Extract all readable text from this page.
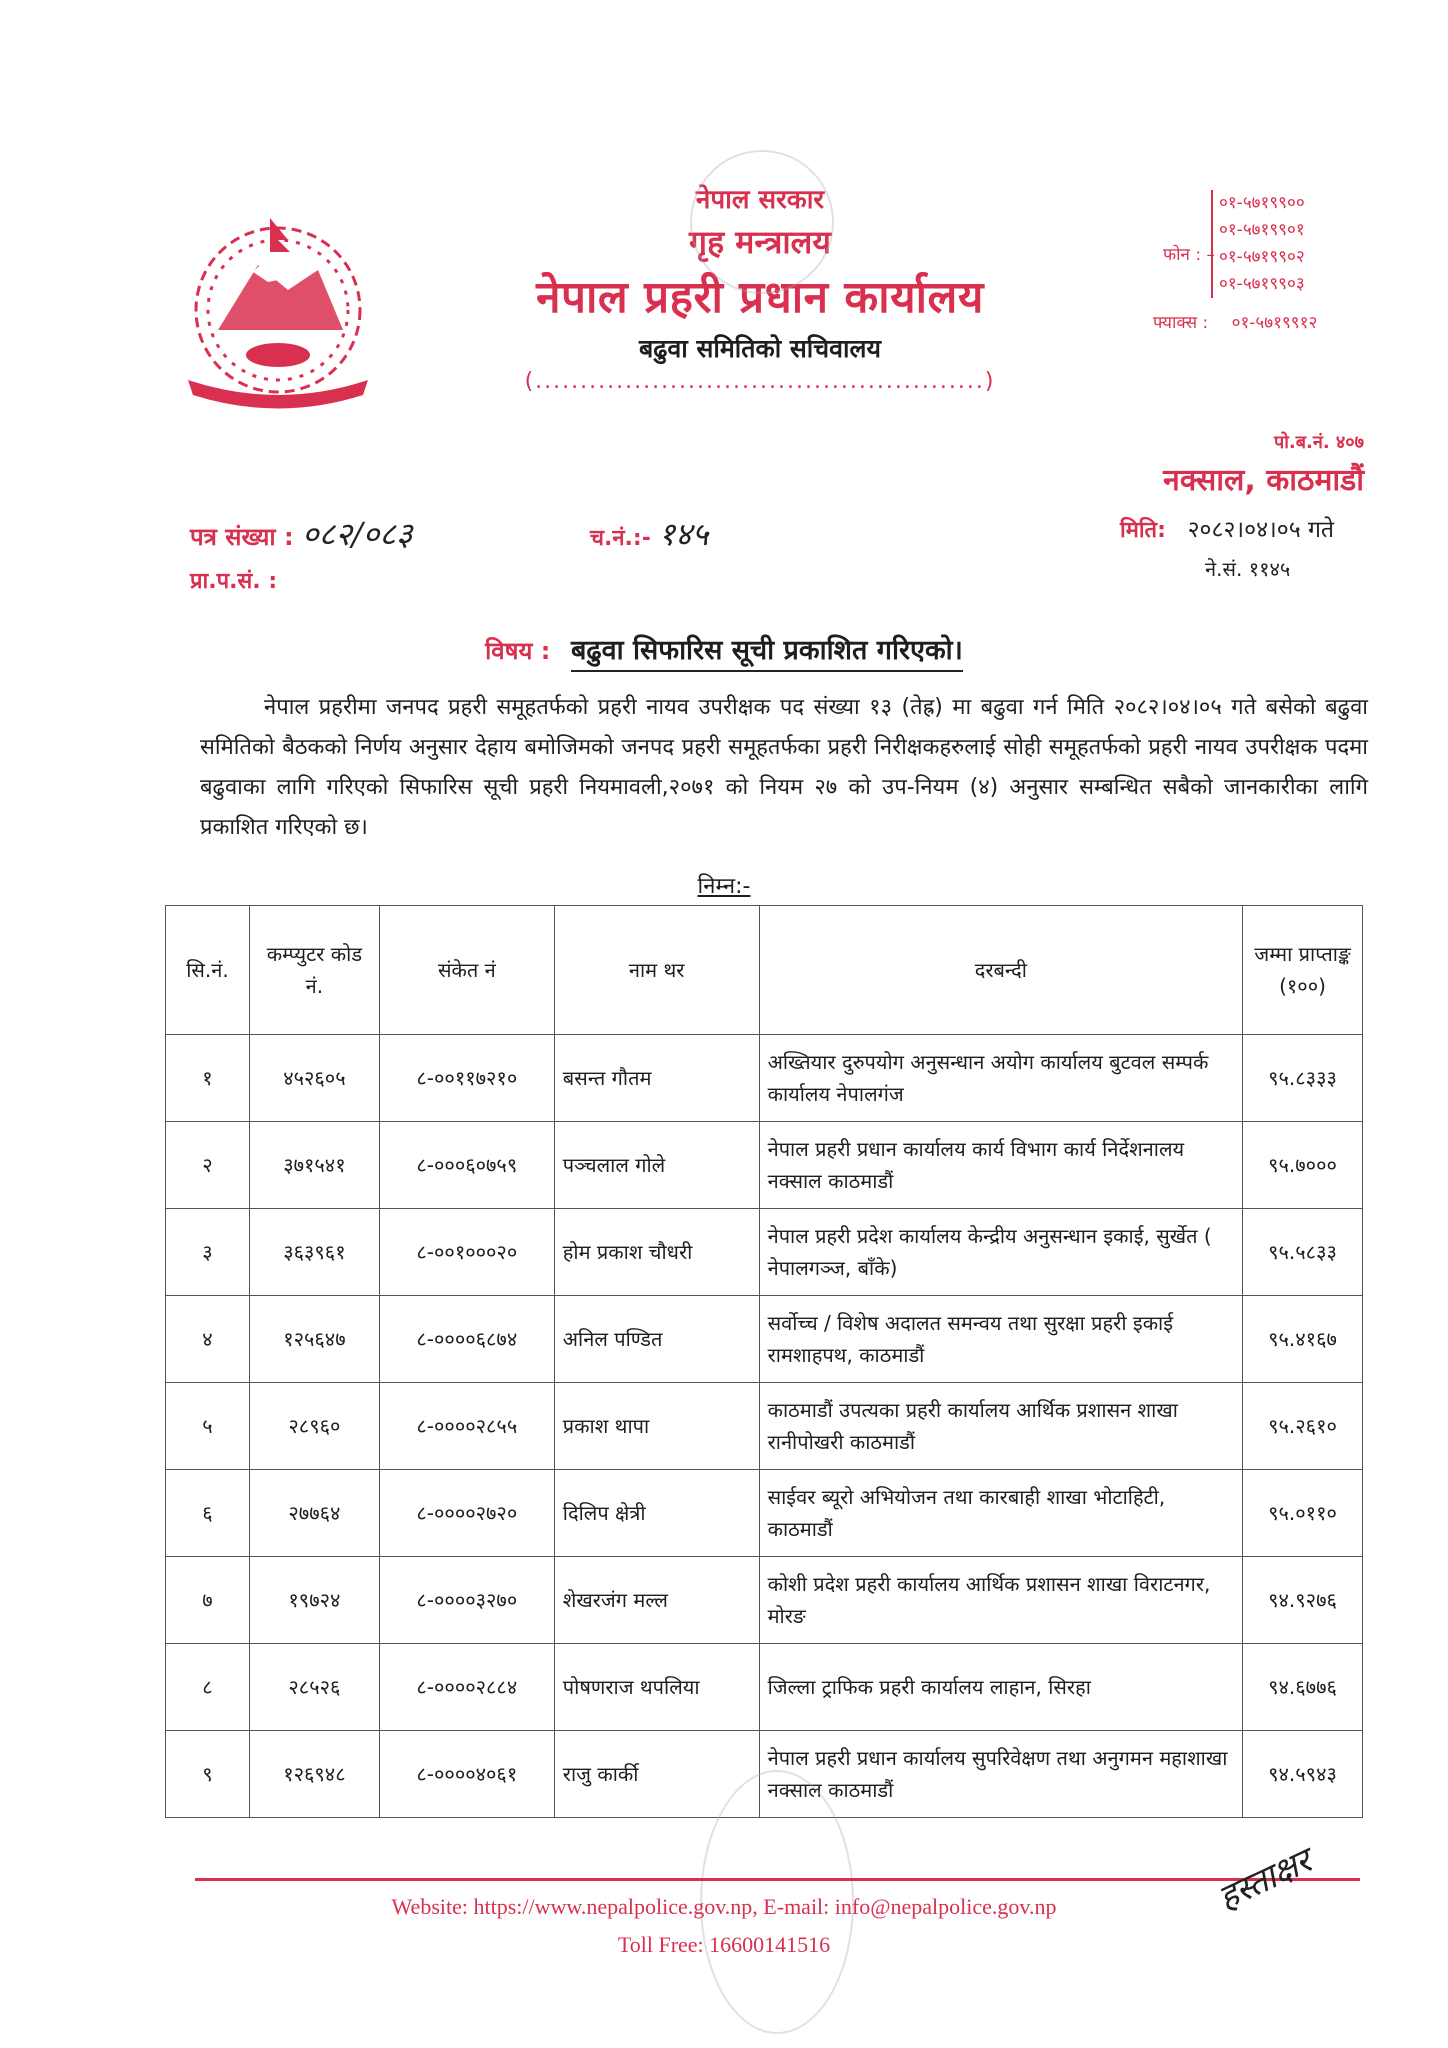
नेपाल सरकार
गृह मन्त्रालय
नेपाल प्रहरी प्रधान कार्यालय
बढुवा समितिको सचिवालय
(..................................................)
फोन : –
०१-५७१९९००
०१-५७१९९०१
०१-५७१९९०२
०१-५७१९९०३
फ्याक्स : ०१-५७१९९१२
पो.ब.नं. ४०७
नक्साल, काठमाडौं
पत्र संख्या : ०८२/०८३	च.नं.:- १४५	मिति: २०८२।०४।०५ गते
ने.सं. ११४५
प्रा.प.सं. :
विषय : बढुवा सिफारिस सूची प्रकाशित गरिएको।
नेपाल प्रहरीमा जनपद प्रहरी समूहतर्फको प्रहरी नायव उपरीक्षक पद संख्या १३ (तेह्र) मा बढुवा गर्न मिति २०८२।०४।०५ गते बसेको बढुवा समितिको बैठकको निर्णय अनुसार देहाय बमोजिमको जनपद प्रहरी समूहतर्फका प्रहरी निरीक्षकहरुलाई सोही समूहतर्फको प्रहरी नायव उपरीक्षक पदमा बढुवाका लागि गरिएको सिफारिस सूची प्रहरी नियमावली,२०७१ को नियम २७ को उप-नियम (४) अनुसार सम्बन्धित सबैको जानकारीका लागि प्रकाशित गरिएको छ।
निम्न:-
सि.नं.	कम्प्युटर कोड नं.	संकेत नं	नाम थर	दरबन्दी	जम्मा प्राप्ताङ्क (१००)
१	४५२६०५	८-००११७२१०	बसन्त गौतम	अख्तियार दुरुपयोग अनुसन्धान अयोग कार्यालय बुटवल सम्पर्क कार्यालय नेपालगंज	९५.८३३३
२	३७१५४१	८-०००६०७५९	पञ्चलाल गोले	नेपाल प्रहरी प्रधान कार्यालय कार्य विभाग कार्य निर्देशनालय नक्साल काठमाडौं	९५.७०००
३	३६३९६१	८-००१०००२०	होम प्रकाश चौधरी	नेपाल प्रहरी प्रदेश कार्यालय केन्द्रीय अनुसन्धान इकाई, सुर्खेत ( नेपालगञ्ज, बाँके)	९५.५८३३
४	१२५६४७	८-००००६८७४	अनिल पण्डित	सर्वोच्च / विशेष अदालत समन्वय तथा सुरक्षा प्रहरी इकाई रामशाहपथ, काठमाडौं	९५.४१६७
५	२८९६०	८-००००२८५५	प्रकाश थापा	काठमाडौं उपत्यका प्रहरी कार्यालय आर्थिक प्रशासन शाखा रानीपोखरी काठमाडौं	९५.२६१०
६	२७७६४	८-००००२७२०	दिलिप क्षेत्री	साईवर ब्यूरो अभियोजन तथा कारबाही शाखा भोटाहिटी, काठमाडौं	९५.०११०
७	१९७२४	८-००००३२७०	शेखरजंग मल्ल	कोशी प्रदेश प्रहरी कार्यालय आर्थिक प्रशासन शाखा विराटनगर, मोरङ	९४.९२७६
८	२८५२६	८-००००२८८४	पोषणराज थपलिया	जिल्ला ट्राफिक प्रहरी कार्यालय लाहान, सिरहा	९४.६७७६
९	१२६९४८	८-००००४०६१	राजु कार्की	नेपाल प्रहरी प्रधान कार्यालय सुपरिवेक्षण तथा अनुगमन महाशाखा नक्साल काठमाडौं	९४.५९४३
Website: https://www.nepalpolice.gov.np, E-mail: info@nepalpolice.gov.np
Toll Free: 16600141516
हस्ताक्षर
